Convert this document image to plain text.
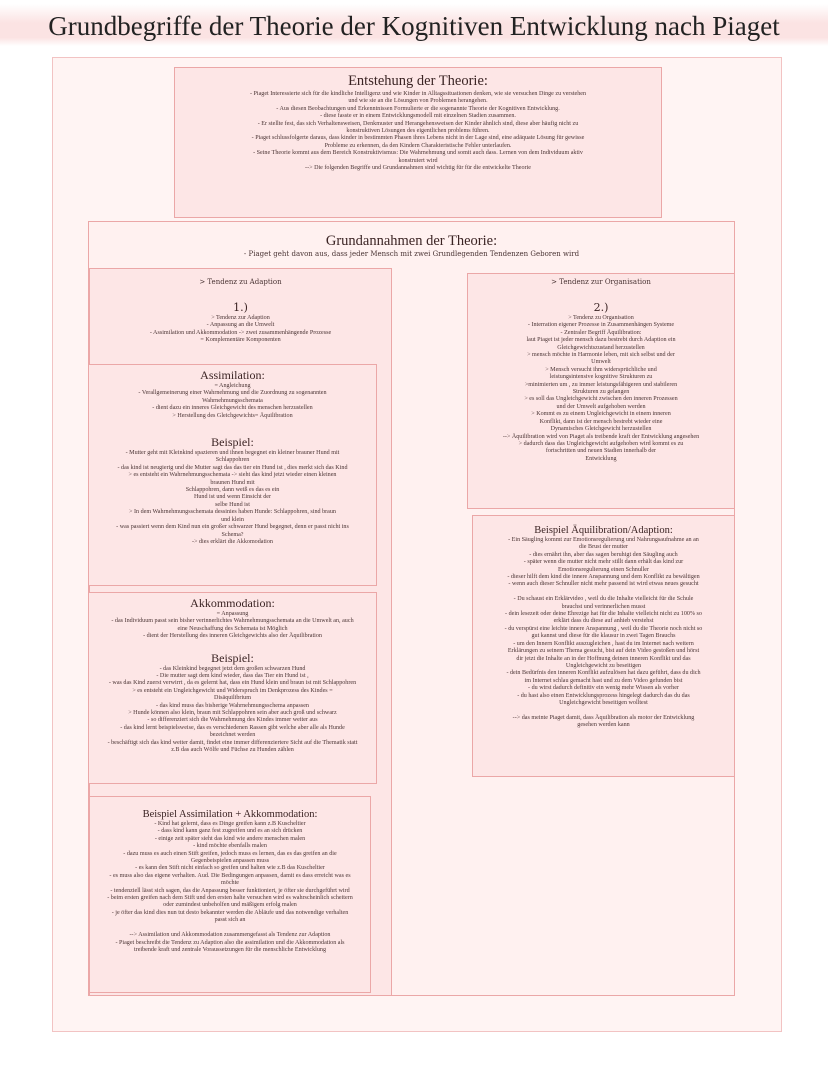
Grundbegriffe der Theorie der Kognitiven Entwicklung nach Piaget
Entstehung der Theorie:
- Piaget Interessierte sich für die kindliche Intelligenz und wie Kinder in Alltagssituationen denken, wie sie versuchen Dinge zu verstehen
und wie sie an die Lösungen von Problemen herangehen.
- Aus diesen Beobachtungen und Erkenntnissen Formulierte er die sogenannte Theorie der Kognitiven Entwicklung.
- diese fasste er in einem Entwicklungsmodell mit einzelnen Stadien zusammen.
- Er stellte fest, das sich Verhaltensweisen, Denkmuster und Herangehensweisen der Kinder ähnlich sind, diese aber häufig nicht zu
konstruktiven Lösungen des eigentlichen problems führen.
- Piaget schlussfolgerte daraus, dass kinder in bestimmten Phasen ihres Lebens nicht in der Lage sind, eine adäquate Lösung für gewisse
Probleme zu erkennen, da den Kindern Charakteristische Fehler unterlaufen.
- Seine Theorie kommt aus dem Bereich Konstruktivismus: Die Wahrnehmung und somit auch dass. Lernen von dem Individuum aktiv
konstruiert wird
--> Die folgenden Begriffe und Grundannahmen sind wichtig für für die entwickelte Theorie
Grundannahmen der Theorie:
- Piaget geht davon aus, dass jeder Mensch mit zwei Grundlegenden Tendenzen Geboren wird
> Tendenz zu Adaption
1.)
> Tendenz zur Adaption
- Anpassung an die Umwelt
- Assimilation und Akkommodation -> zwei zusammenhängende Prozesse
= Komplementäre Komponenten
Assimilation:
= Angleichung
- Verallgemeinerung einer Wahrnehmung und die Zuordnung zu sogenannten
Wahrnehmungsschemata
- dient dazu ein inneres Gleichgewicht des menschen herzustellen
> Herstellung des Gleichgewichts= Äquilibration
Beispiel:
- Mutter geht mit Kleinkind spazieren und ihnen begegnet ein kleiner brauner Hund mit
Schlappohren
- das kind ist neugierig und die Mutter sagt das das tier ein Hund ist , dies merkt sich das Kind
> es entsteht ein Wahrnehmungsschemata -> sieht das kind jetzt wieder einen kleinen
braunen Hund mit
Schlappohren, dann weiß es das es ein
Hund ist und wenn Einsicht der
selbe Hund ist
> In dem Wahrnehmungsschemata dessinies haben Hunde: Schlappohren, sind braun
und klein
- was passiert wenn dem Kind nun ein großer schwarzer Hund begegnet, denn er passt nicht ins
Schema?
-> dies erklärt die Akkomodation
Akkommodation:
= Anpassung
- das Individuum passt sein bisher verinnerlichtes Wahrnehmungsschemata an die Umwelt an, auch
eine Neuschaffung des Schemata ist Möglich
- dient der Herstellung des inneren Gleichgewichts also der Äquilibration
Beispiel:
- das Kleinkind begegnet jetzt dem großen schwarzen Hund
- Die mutter sagt dem kind wieder, dass das Tier ein Hund ist ,
- was das Kind zuerst verwirrt , da es gelernt hat, dass ein Hund klein und braun ist mit Schlappohren
> es entsteht ein Ungleichgewicht und Widerspruch im Denkprozess des Kindes =
Disäquilibrium
- das kind muss das bisherige Wahrnehmungsschema anpassen
> Hunde können also klein, braun mit Schlappohren sein aber auch groß und schwarz
- so differenziert sich die Wahrnehmung des Kindes immer weiter aus
- das kind lernt beispielsweise, das es verschiedenen Rassen gibt welche aber alle als Hunde
bezeichnet werden
- beschäftigt sich das kind weiter damit, findet eine immer differenziertere Sicht auf die Thematik statt
z.B das auch Wölfe und Füchse zu Hunden zählen
Beispiel Assimilation + Akkommodation:
- Kind hat gelernt, dass es Dinge greifen kann z.B Kuscheltier
- dass kind kann ganz fest zugreifen und es an sich drücken
- einige zeit später sieht das kind wie andere menschen malen
- kind möchte ebenfalls malen
- dazu muss es auch einen Stift greifen, jedoch muss es lernen, das es das greifen an die
Gegenbeispielen anpassen muss
- es kann den Stift nicht einfach so greifen und halten wie z.B das Kuscheltier
- es muss also das eigene verhalten. Aud. Die Bedingungen anpassen, damit es dass erreicht was es
möchte
- tendenziell lässt sich sagen, das die Anpassung besser funktioniert, je öfter sie durchgeführt wird
- beim ersten greifen nach dem Stift und den ersten halte versuchen wird es wahrscheinlich scheitern
oder zumindest unbeholfen und mäßigem erfolg malen
- je öfter das kind dies nun tut desto bekannter werden die Abläufe und das notwendige verhalten
passt sich an

--> Assimilation und Akkommodation zusammengefasst als Tendenz zur Adaption
- Piaget beschreibt die Tendenz zu Adaption also die assimilation und die Akkommodation als
treibende kraft und zentrale Voraussetzungen für die menschliche Entwicklung
> Tendenz zur Organisation
2.)
> Tendenz zu Organisation
- Interration eigener Prozesse in Zusammenhängen Systeme
- Zentraler Begriff Äquilibration:
laut Piaget ist jeder mensch dazu bestrebt durch Adaption ein
Gleichgewichtszustand herzustellen
> mensch möchte in Harmonie leben, mit sich selbst und der
Umwelt
> Mensch versucht ihm widersprüchliche und
leistungsintensive kognitive Strukturen zu
>minimierten um , zu immer leistungsfähigeren und stabileren
Strukturen zu gelangen
> es soll das Ungleichgewicht zwischen den inneren Prozessen
und der Umwelt aufgehoben werden
> Kommt es zu einem Ungleichgewicht in einem inneren
Konflikt, dann ist der mensch bestrebt wieder eine
Dynamisches Gleichgewicht herzustellen
--> Äquilibration wird von Piaget als treibende kraft der Entwicklung angesehen
> dadurch dass das Ungleichgewicht aufgehoben wird kommt es zu
fortschritten und neuen Stadien innerhalb der
Entwicklung
Beispiel Äquilibration/Adaption:
- Ein Säugling kommt zur Emotionsregulierung und Nahrungsaufnahme an an
die Brust der mutter
- dies ernährt ihn, aber das sagen beruhigt den Säugling auch
- später wenn die mutter nicht mehr stillt dann erhält das kind zur
Emotionsregulierung einen Schnuller
- dieser hilft dem kind die innere Anspannung und dem Konflikt zu bewältigen
- wenn auch dieser Schnuller nicht mehr passend ist wird etwas neues gesucht

- Du schaust ein Erklärvideo , weil du die Inhalte vielleicht für die Schule
brauchst und verinnerlichen musst
- dein lesezeit oder deine Ehrezige hat für die Inhalte vielleicht nicht zu 100% so
erklärt dass du diese auf anhieb verstehst
- du verspürst eine leichte innere Anspannung , weil du die Theorie noch nicht so
gut kannst und diese für die klausur in zwei Tagen Brauchs
- um den Innern Konflikt auszugleichen , hast du im Internet nach weitern
Erklärungen zu seinem Thema gesucht, bist auf dein Video gestoßen und hörst
dir jetzt die Inhalte an in der Hoffnung deinen inneren Konflikt und das
Ungleichgewicht zu beseitigen
- dein Bedürfnis den inneren Konflikt aufzulösen hat dazu geführt, dass du dich
im Internet schlau gemacht hast und zu dem Video gefunden bist
- du wirst dadurch definitiv ein wenig mehr Wissen als vorher
- du hast also einen Entwicklungsprozess hingelegt dadurch das du das
Ungleichgewicht beseitigen wolltest

--> das meinte Piaget damit, dass Äquilibration als motor der Entwicklung
gesehen werden kann
